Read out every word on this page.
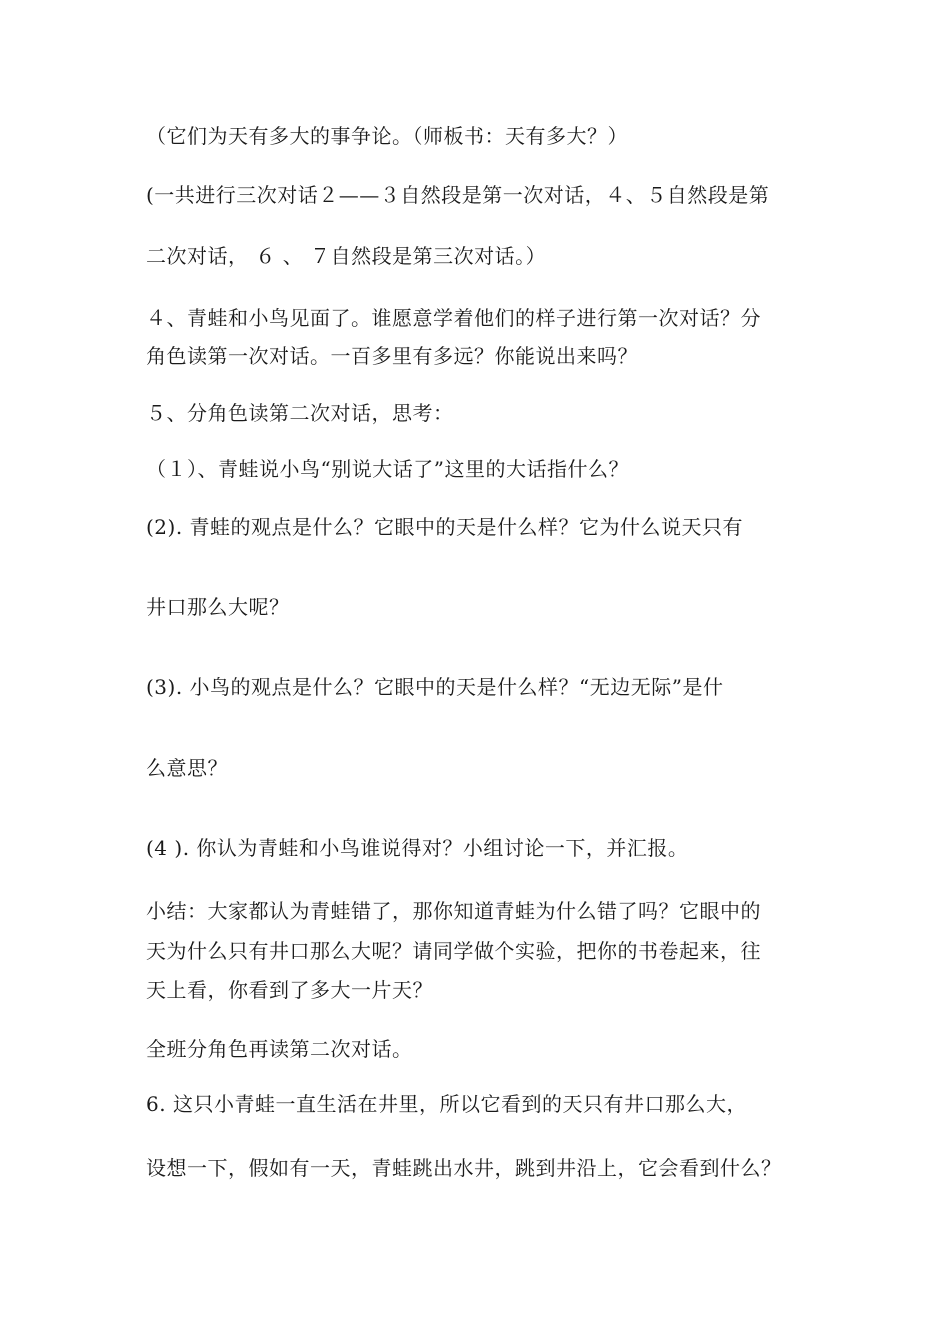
（它们为天有多大的事争论。（师板书：天有多大？）
(一共进行三次对话２——３自然段是第一次对话，４、５自然段是第
二次对话， ６ 、 ７自然段是第三次对话。）
４、青蛙和小鸟见面了。谁愿意学着他们的样子进行第一次对话？分
角色读第一次对话。一百多里有多远？你能说出来吗？
５、分角色读第二次对话，思考：
（１）、青蛙说小鸟“别说大话了”这里的大话指什么？
(2). 青蛙的观点是什么？它眼中的天是什么样？它为什么说天只有
井口那么大呢？
(3). 小鸟的观点是什么？它眼中的天是什么样？“无边无际”是什
么意思？
(4 ). 你认为青蛙和小鸟谁说得对？小组讨论一下，并汇报。
小结：大家都认为青蛙错了，那你知道青蛙为什么错了吗？它眼中的
天为什么只有井口那么大呢？请同学做个实验，把你的书卷起来，往
天上看，你看到了多大一片天？
全班分角色再读第二次对话。
6. 这只小青蛙一直生活在井里，所以它看到的天只有井口那么大，
设想一下，假如有一天，青蛙跳出水井，跳到井沿上，它会看到什么？
